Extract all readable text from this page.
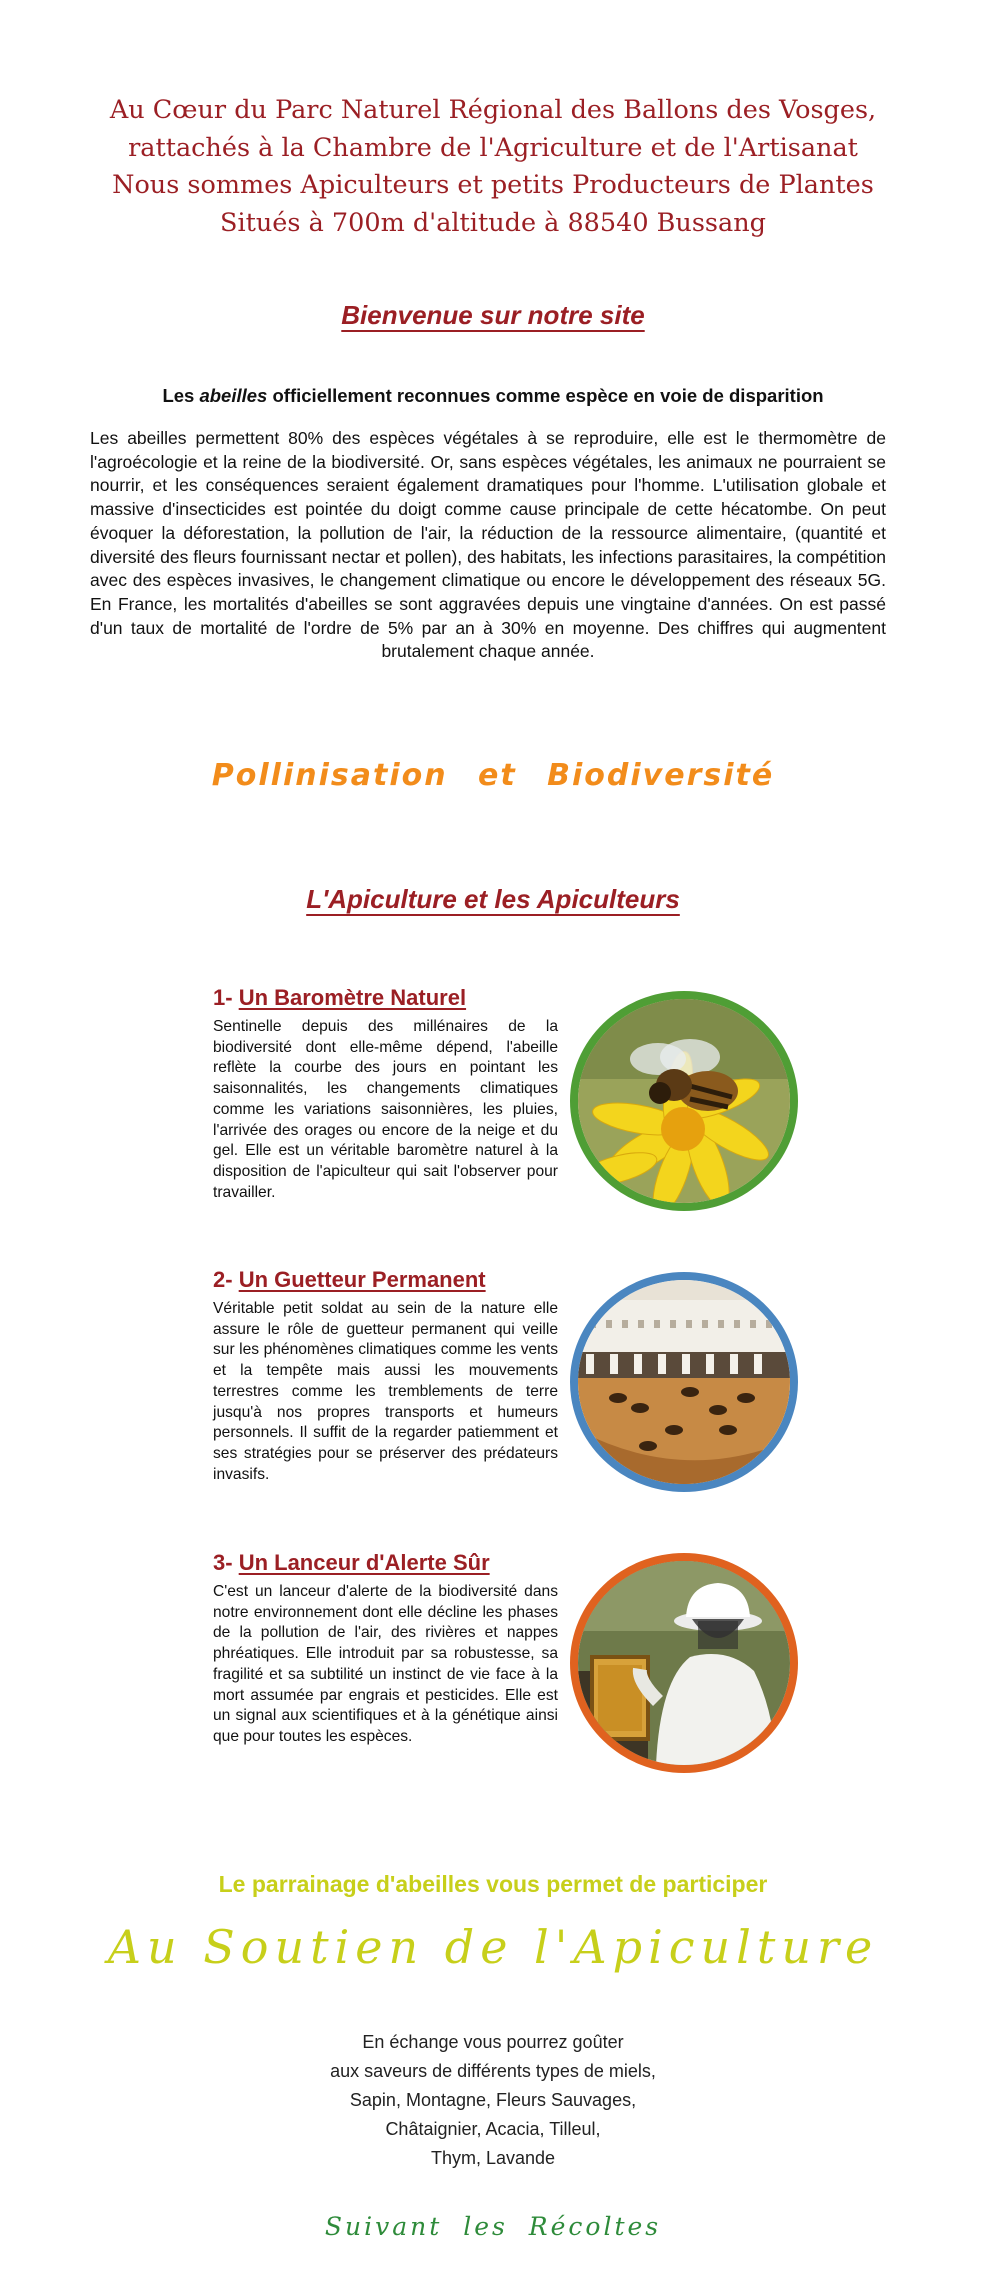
Au Cœur du Parc Naturel Régional des Ballons des Vosges,
rattachés à la Chambre de l'Agriculture et de l'Artisanat
Nous sommes Apiculteurs et petits Producteurs de Plantes
Situés à 700m d'altitude à 88540 Bussang
Bienvenue sur notre site
Les abeilles officiellement reconnues comme espèce en voie de disparition

Les abeilles permettent 80% des espèces végétales à se reproduire, elle est le thermomètre de l'agroécologie et la reine de la biodiversité. Or, sans espèces végétales, les animaux ne pourraient se nourrir, et les conséquences seraient également dramatiques pour l'homme. L'utilisation globale et massive d'insecticides est pointée du doigt comme cause principale de cette hécatombe. On peut évoquer la déforestation, la pollution de l'air, la réduction de la ressource alimentaire, (quantité et diversité des fleurs fournissant nectar et pollen), des habitats, les infections parasitaires, la compétition avec des espèces invasives, le changement climatique ou encore le développement des réseaux 5G. En France, les mortalités d'abeilles se sont aggravées depuis une vingtaine d'années. On est passé d'un taux de mortalité de l'ordre de 5% par an à 30% en moyenne. Des chiffres qui augmentent brutalement chaque année.

Pollinisation et Biodiversité
L'Apiculture et les Apiculteurs
1- Un Baromètre Naturel
Sentinelle depuis des millénaires de la biodiversité dont elle-même dépend, l'abeille reflète la courbe des jours en pointant les saisonnalités, les changements climatiques comme les variations saisonnières, les pluies, l'arrivée des orages ou encore de la neige et du gel. Elle est un véritable baromètre naturel à la disposition de l'apiculteur qui sait l'observer pour travailler.
2- Un Guetteur Permanent
Véritable petit soldat au sein de la nature elle assure le rôle de guetteur permanent qui veille sur les phénomènes climatiques comme les vents et la tempête mais aussi les mouvements terrestres comme les tremblements de terre jusqu'à nos propres transports et humeurs personnels. Il suffit de la regarder patiemment et ses stratégies pour se préserver des prédateurs invasifs.
3- Un Lanceur d'Alerte Sûr
C'est un lanceur d'alerte de la biodiversité dans notre environnement dont elle décline les phases de la pollution de l'air, des rivières et nappes phréatiques. Elle introduit par sa robustesse, sa fragilité et sa subtilité un instinct de vie face à la mort assumée par engrais et pesticides. Elle est un signal aux scientifiques et à la génétique ainsi que pour toutes les espèces.
Le parrainage d'abeilles vous permet de participer
Au Soutien de l'Apiculture
En échange vous pourrez goûter
aux saveurs de différents types de miels,
Sapin, Montagne, Fleurs Sauvages,
Châtaignier, Acacia, Tilleul,
Thym, Lavande
Suivant les Récoltes
